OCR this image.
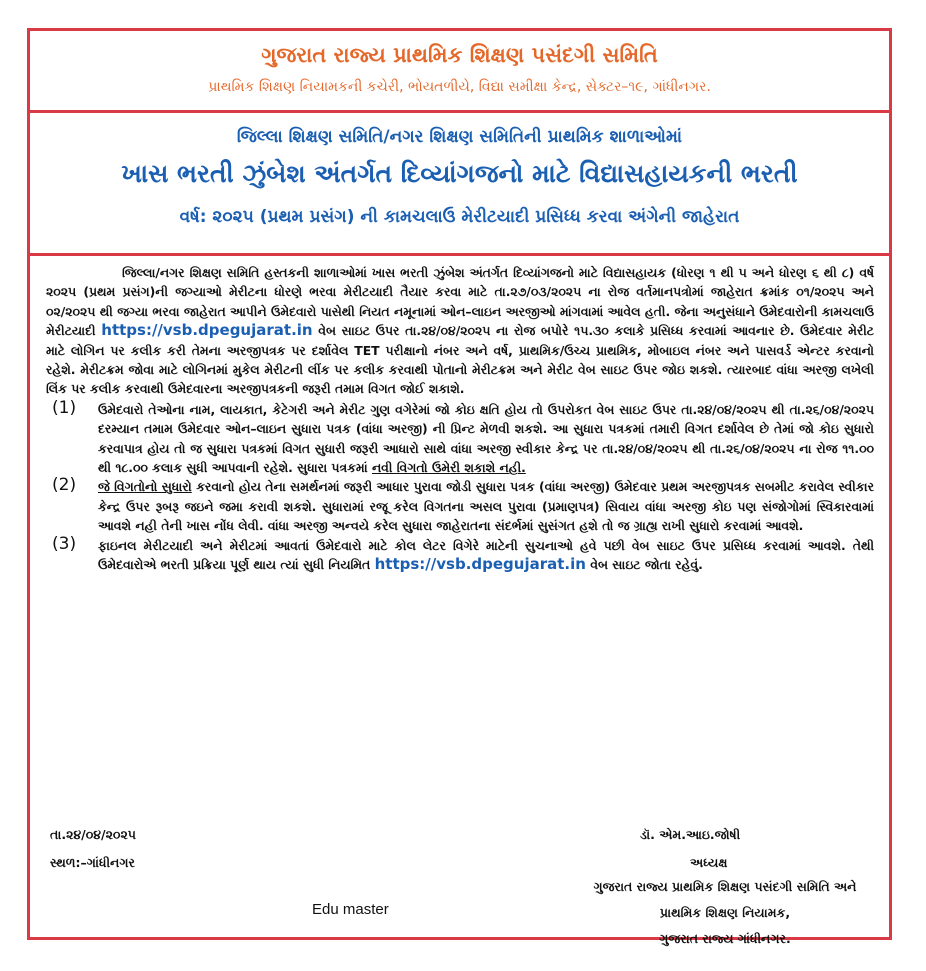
ગુજરાત રાજ્ય પ્રાથમિક શિક્ષણ પસંદગી સમિતિ
પ્રાથમિક શિક્ષણ નિયામકની કચેરી, ભોયતળીયે, વિદ્યા સમીક્ષા કેન્દ્ર, સેક્ટર–૧૯, ગાંધીનગર.
જિલ્લા શિક્ષણ સમિતિ/નગર શિક્ષણ સમિતિની પ્રાથમિક શાળાઓમાં
ખાસ ભરતી ઝુંબેશ અંતર્ગત દિવ્યાંગજનો માટે વિદ્યાસહાયકની ભરતી
વર્ષ: ૨૦૨૫ (પ્રથમ પ્રસંગ) ની કામચલાઉ મેરીટયાદી પ્રસિધ્ધ કરવા અંગેની જાહેરાત

જિલ્લા/નગર શિક્ષણ સમિતિ હસ્તકની શાળાઓમાં ખાસ ભરતી ઝુંબેશ અંતર્ગત દિવ્યાંગજનો માટે વિદ્યાસહાયક (ધોરણ ૧ થી ૫ અને ધોરણ ૬ થી ૮) વર્ષ ૨૦૨૫ (પ્રથમ પ્રસંગ)ની જગ્યાઓ મેરીટના ધોરણે ભરવા મેરીટયાદી તૈયાર કરવા માટે તા.૨૭/૦૩/૨૦૨૫ ના રોજ વર્તમાનપત્રોમાં જાહેરાત ક્રમાંક ૦૧/૨૦૨૫ અને ૦૨/૨૦૨૫ થી જગ્યા ભરવા જાહેરાત આપીને ઉમેદવારો પાસેથી નિયત નમૂનામાં ઓન–લાઇન અરજીઓ માંગવામાં આવેલ હતી. જેના અનુસંધાને ઉમેદવારોની કામચલાઉ મેરીટયાદી https://vsb.dpegujarat.in વેબ સાઇટ ઉપર તા.૨૪/૦૪/૨૦૨૫ ના રોજ બપોરે ૧૫.૩૦ કલાકે પ્રસિધ્ધ કરવામાં આવનાર છે. ઉમેદવાર મેરીટ માટે લોગિન પર કલીક કરી તેમના અરજીપત્રક પર દર્શાવેલ TET પરીક્ષાનો નંબર અને વર્ષ, પ્રાથમિક/ઉચ્ચ પ્રાથમિક, મોબાઇલ નંબર અને પાસવર્ડ એન્ટર કરવાનો રહેશે. મેરીટક્રમ જોવા માટે લોગિનમાં મુકેલ મેરીટની લીંક પર કલીક કરવાથી પોતાનો મેરીટક્રમ અને મેરીટ વેબ સાઇટ ઉપર જોઇ શકશે. ત્યારબાદ વાંધા અરજી લખેલી લિંક પર કલીક કરવાથી ઉમેદવારના અરજીપત્રકની જરૂરી તમામ વિગત જોઈ શકાશે.

(1) ઉમેદવારો તેઓના નામ, લાયકાત, કેટેગરી અને મેરીટ ગુણ વગેરેમાં જો કોઇ ક્ષતિ હોય તો ઉપરોકત વેબ સાઇટ ઉપર તા.૨૪/૦૪/૨૦૨૫ થી તા.૨૬/૦૪/૨૦૨૫ દરમ્યાન તમામ ઉમેદવાર ઓન–લાઇન સુધારા પત્રક (વાંધા અરજી) ની પ્રિન્ટ મેળવી શકશે. આ સુધારા પત્રકમાં તમારી વિગત દર્શાવેલ છે તેમાં જો કોઇ સુધારો કરવાપાત્ર હોય તો જ સુધારા પત્રકમાં વિગત સુધારી જરૂરી આધારો સાથે વાંધા અરજી સ્વીકાર કેન્દ્ર પર તા.૨૪/૦૪/૨૦૨૫ થી તા.૨૬/૦૪/૨૦૨૫ ના રોજ ૧૧.૦૦ થી ૧૮.૦૦ કલાક સુધી આપવાની રહેશે. સુધારા પત્રકમાં નવી વિગતો ઉમેરી શકાશે નહી.
(2) જે વિગતોનો સુધારો કરવાનો હોય તેના સમર્થનમાં જરૂરી આધાર પુરાવા જોડી સુધારા પત્રક (વાંધા અરજી) ઉમેદવાર પ્રથમ અરજીપત્રક સબમીટ કરાવેલ સ્વીકાર કેન્દ્ર ઉપર રૂબરૂ જઇને જમા કરાવી શકશે. સુધારામાં રજૂ કરેલ વિગતના અસલ પુરાવા (પ્રમાણપત્ર) સિવાય વાંધા અરજી કોઇ પણ સંજોગોમાં સ્વિકારવામાં આવશે નહી તેની ખાસ નોંધ લેવી. વાંધા અરજી અન્વયે કરેલ સુધારા જાહેરાતના સંદર્ભમાં સુસંગત હશે તો જ ગ્રાહ્ય રાખી સુધારો કરવામાં આવશે.
(3) ફાઇનલ મેરીટયાદી અને મેરીટમાં આવતાં ઉમેદવારો માટે કોલ લેટર વિગેરે માટેની સુચનાઓ હવે પછી વેબ સાઇટ ઉપર પ્રસિધ્ધ કરવામાં આવશે. તેથી ઉમેદવારોએ ભરતી પ્રક્રિયા પૂર્ણ થાય ત્યાં સુધી નિયમિત https://vsb.dpegujarat.in વેબ સાઇટ જોતા રહેવું.
તા.૨૪/૦૪/૨૦૨૫
સ્થળ:–ગાંધીનગર
ડૉ. એમ.આઇ.જોષી
અધ્યક્ષ
ગુજરાત રાજ્ય પ્રાથમિક શિક્ષણ પસંદગી સમિતિ અને
પ્રાથમિક શિક્ષણ નિયામક,
ગુજરાત રાજ્ય ગાંધીનગર.
Edu master
